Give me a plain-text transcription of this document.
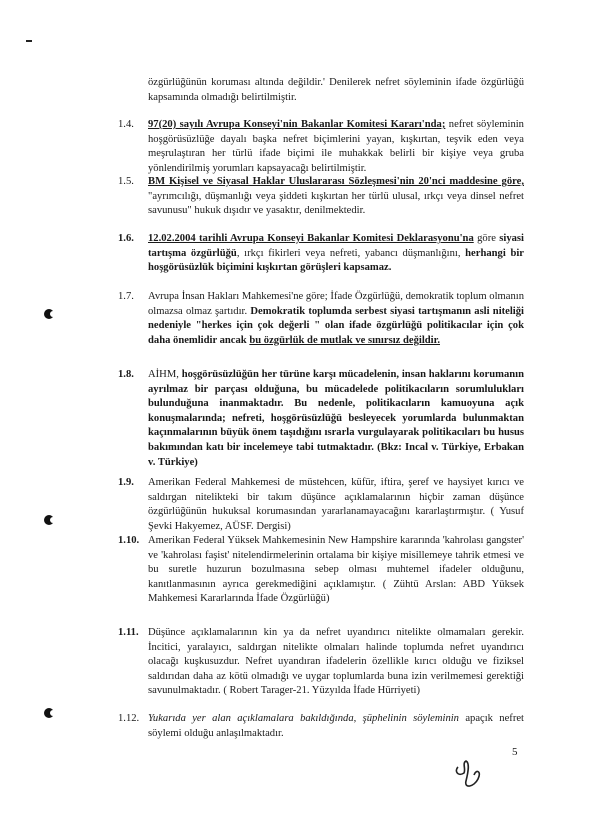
özgürlüğünün koruması altında değildir.' Denilerek nefret söyleminin ifade özgürlüğü kapsamında olmadığı belirtilmiştir.
1.4.	97(20) sayılı Avrupa Konseyi'nin Bakanlar Komitesi Kararı'nda; nefret söyleminin hoşgörüsüzlüğe dayalı başka nefret biçimlerini yayan, kışkırtan, teşvik eden veya meşrulaştıran her türlü ifade biçimi ile muhakkak belirli bir kişiye veya gruba yönlendirilmiş yorumları kapsayacağı belirtilmiştir.
1.5.	BM Kişisel ve Siyasal Haklar Uluslararası Sözleşmesi'nin 20'nci maddesine göre, "ayrımcılığı, düşmanlığı veya şiddeti kışkırtan her türlü ulusal, ırkçı veya dinsel nefret savunusu" hukuk dışıdır ve yasaktır, denilmektedir.
1.6.	12.02.2004 tarihli Avrupa Konseyi Bakanlar Komitesi Deklarasyonu'na göre siyasi tartışma özgürlüğü, ırkçı fikirleri veya nefreti, yabancı düşmanlığını, herhangi bir hoşgörüsüzlük biçimini kışkırtan görüşleri kapsamaz.
1.7.	Avrupa İnsan Hakları Mahkemesi'ne göre; İfade Özgürlüğü, demokratik toplum olmanın olmazsa olmaz şartıdır. Demokratik toplumda serbest siyasi tartışmanın asli niteliği nedeniyle "herkes için çok değerli " olan ifade özgürlüğü politikacılar için çok daha önemlidir ancak bu özgürlük de mutlak ve sınırsız değildir.
1.8.	AİHM, hoşgörüsüzlüğün her türüne karşı mücadelenin, insan haklarını korumanın ayrılmaz bir parçası olduğuna, bu mücadelede politikacıların sorumlulukları bulunduğuna inanmaktadır. Bu nedenle, politikacıların kamuoyuna açık konuşmalarında; nefreti, hoşgörüsüzlüğü besleyecek yorumlarda bulunmaktan kaçınmalarının büyük önem taşıdığını ısrarla vurgulayarak politikacıları bu husus bakımından katı bir incelemeye tabi tutmaktadır. (Bkz: Incal v. Türkiye, Erbakan v. Türkiye)
1.9.	Amerikan Federal Mahkemesi de müstehcen, küfür, iftira, şeref ve haysiyet kırıcı ve saldırgan nitelikteki bir takım düşünce açıklamalarının hiçbir zaman düşünce özgürlüğünün hukuksal korumasından yararlanamayacağını kararlaştırmıştır. ( Yusuf Şevki Hakyemez, AÜSF. Dergisi)
1.10. Amerikan Federal Yüksek Mahkemesinin New Hampshire kararında 'kahrolası gangster' ve 'kahrolası faşist' nitelendirmelerinin ortalama bir kişiye misillemeye tahrik etmesi ve bu suretle huzurun bozulmasına sebep olması muhtemel ifadeler olduğunu, kanıtlanmasının ayrıca gerekmediğini açıklamıştır. ( Zühtü Arslan: ABD Yüksek Mahkemesi Kararlarında İfade Özgürlüğü)
1.11. Düşünce açıklamalarının kin ya da nefret uyandırıcı nitelikte olmamaları gerekir. İncitici, yaralayıcı, saldırgan nitelikte olmaları halinde toplumda nefret uyandırıcı olacağı kuşkusuzdur. Nefret uyandıran ifadelerin özellikle kırıcı olduğu ve fiziksel saldırıdan daha az kötü olmadığı ve uygar toplumlarda buna izin verilmemesi gerektiği savunulmaktadır. ( Robert Tarager-21. Yüzyılda İfade Hürriyeti)
1.12. Yukarıda yer alan açıklamalara bakıldığında, şüphelinin söyleminin apaçık nefret söylemi olduğu anlaşılmaktadır.
5
